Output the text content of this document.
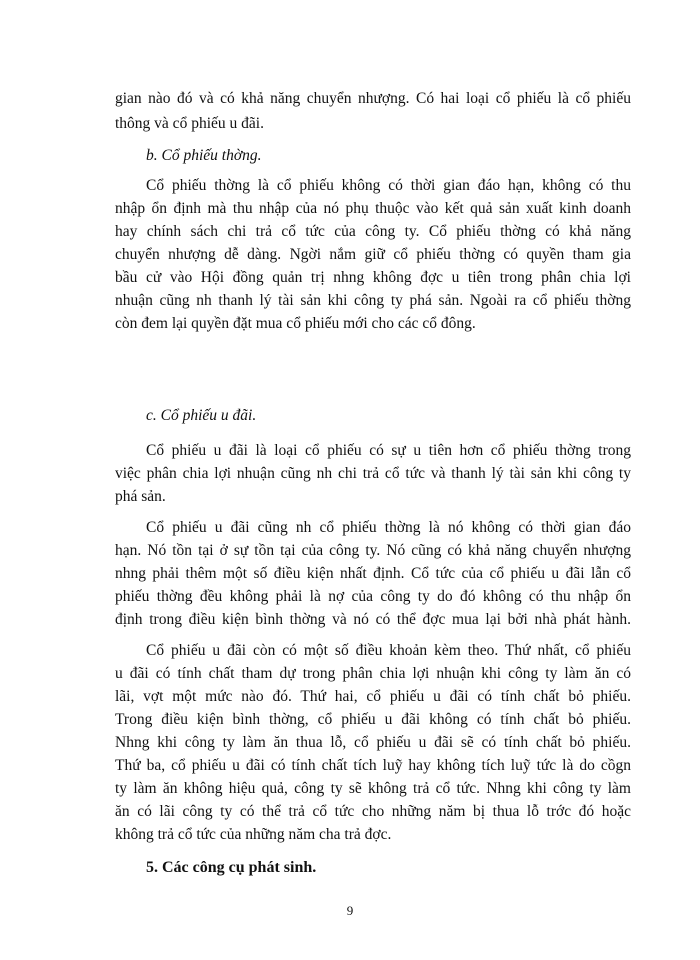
gian nào đó và có khả năng chuyển nhượng. Có hai loại cổ phiếu là cổ phiếu
thông và cổ phiếu u đãi.
b. Cổ phiếu thờng.
Cổ phiếu thờng là cổ phiếu không có thời gian đáo hạn, không có thu
nhập ổn định mà thu nhập của nó phụ thuộc vào kết quả sản xuất kinh doanh
hay chính sách chi trả cổ tức của công ty. Cổ phiếu thờng có khả năng
chuyển nhượng dễ dàng. Ngời nắm giữ cổ phiếu thờng có quyền tham gia
bầu cử vào Hội đồng quản trị nhng không đợc u tiên trong phân chia lợi
nhuận cũng nh thanh lý tài sản khi công ty phá sản. Ngoài ra cổ phiếu thờng
còn đem lại quyền đặt mua cổ phiếu mới cho các cổ đông.
c. Cổ phiếu u đãi.
Cổ phiếu u đãi là loại cổ phiếu có sự u tiên hơn cổ phiếu thờng trong
việc phân chia lợi nhuận cũng nh chi trả cổ tức và thanh lý tài sản khi công ty
phá sản.
Cổ phiếu u đãi cũng nh cổ phiếu thờng là nó không có thời gian đáo
hạn. Nó tồn tại ở sự tồn tại của công ty. Nó cũng có khả năng chuyển nhượng
nhng phải thêm một số điều kiện nhất định. Cổ tức của cổ phiếu u đãi lẫn cổ
phiếu thờng đều không phải là nợ của công ty do đó không có thu nhập ổn
định trong điều kiện bình thờng và nó có thể đợc mua lại bởi nhà phát hành.
Cổ phiếu u đãi còn có một số điều khoản kèm theo. Thứ nhất, cổ phiếu
u đãi có tính chất tham dự trong phân chia lợi nhuận khi công ty làm ăn có
lãi, vợt một mức nào đó. Thứ hai, cổ phiếu u đãi có tính chất bỏ phiếu.
Trong điều kiện bình thờng, cổ phiếu u đãi không có tính chất bỏ phiếu.
Nhng khi công ty làm ăn thua lỗ, cổ phiếu u đãi sẽ có tính chất bỏ phiếu.
Thứ ba, cổ phiếu u đãi có tính chất tích luỹ hay không tích luỹ tức là do cồgn
ty làm ăn không hiệu quả, công ty sẽ không trả cổ tức. Nhng khi công ty làm
ăn có lãi công ty có thể trả cổ tức cho những năm bị thua lỗ trớc đó hoặc
không trả cổ tức của những năm cha trả đợc.
5. Các công cụ phát sinh.
9
